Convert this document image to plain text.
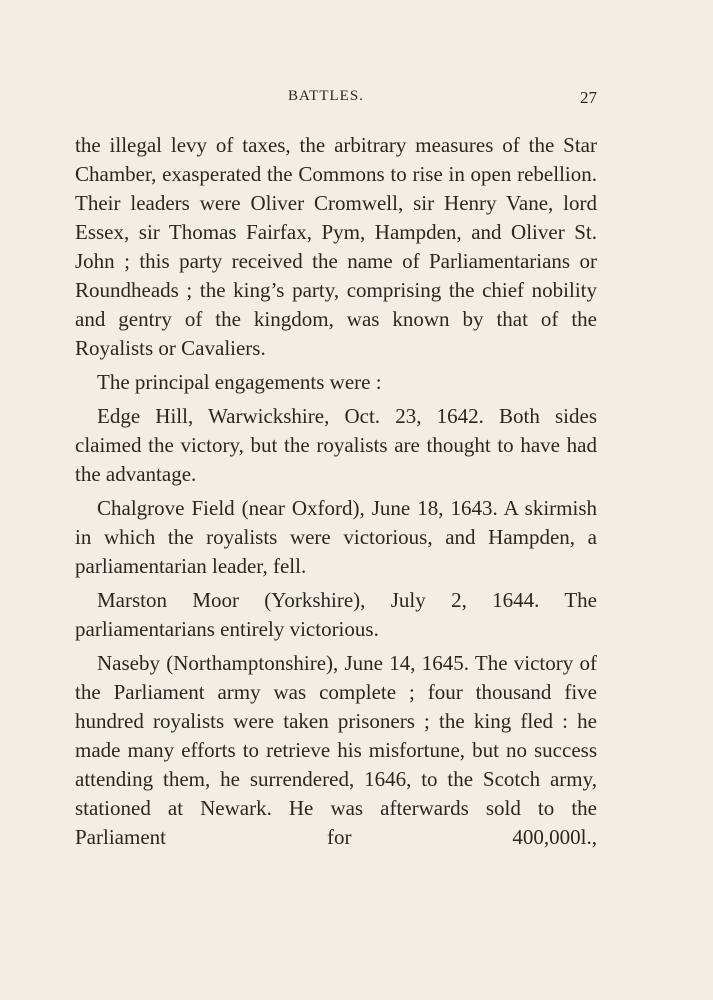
BATTLES.	27

the illegal levy of taxes, the arbitrary measures of the Star Chamber, exasperated the Commons to rise in open rebellion. Their leaders were Oliver Cromwell, sir Henry Vane, lord Essex, sir Thomas Fairfax, Pym, Hampden, and Oliver St. John ; this party received the name of Parliamentarians or Roundheads ; the king’s party, comprising the chief nobility and gentry of the kingdom, was known by that of the Royalists or Cavaliers.

The principal engagements were :

Edge Hill, Warwickshire, Oct. 23, 1642. Both sides claimed the victory, but the royalists are thought to have had the advantage.

Chalgrove Field (near Oxford), June 18, 1643. A skirmish in which the royalists were victorious, and Hampden, a parliamentarian leader, fell.

Marston Moor (Yorkshire), July 2, 1644. The parliamentarians entirely victorious.

Naseby (Northamptonshire), June 14, 1645. The victory of the Parliament army was complete ; four thousand five hundred royalists were taken prisoners ; the king fled : he made many efforts to retrieve his misfortune, but no success attending them, he surrendered, 1646, to the Scotch army, stationed at Newark. He was afterwards sold to the Parliament for 400,000l.,
